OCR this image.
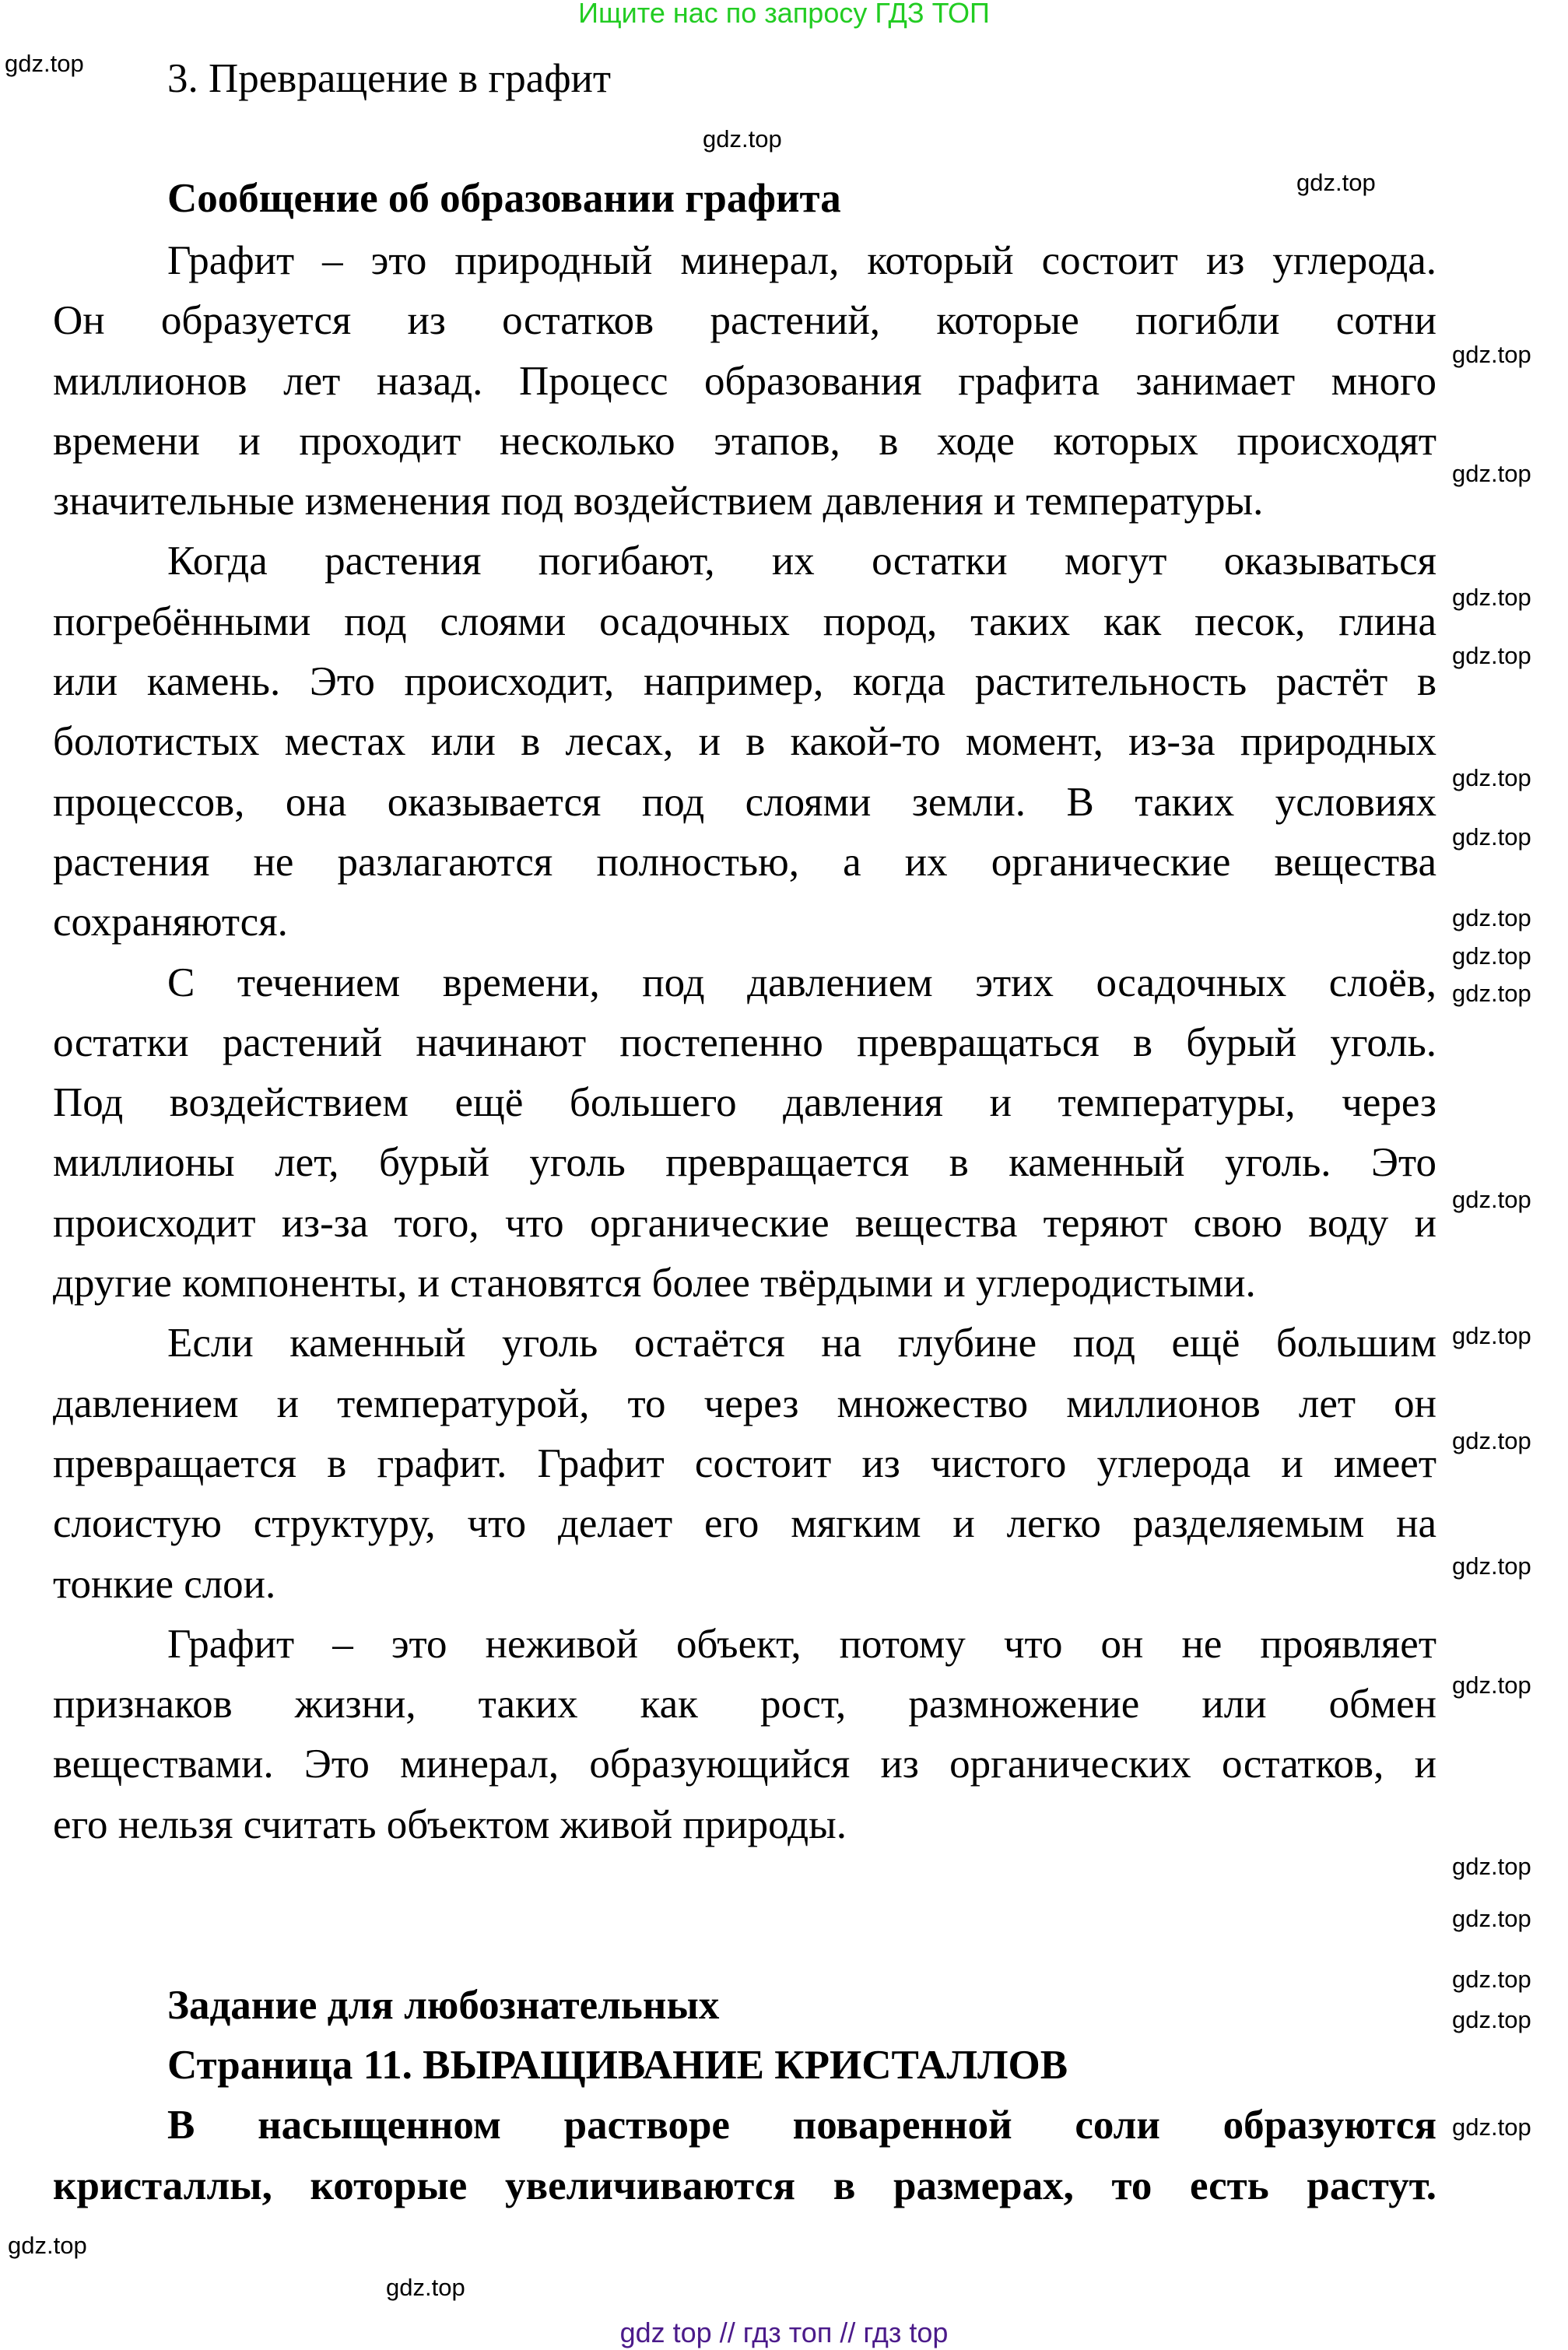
Ищите нас по запросу ГДЗ ТОП
3. Превращение в графит
Сообщение об образовании графита
Графит – это природный минерал, который состоит из углерода.
Он образуется из остатков растений, которые погибли сотни
миллионов лет назад. Процесс образования графита занимает много
времени и проходит несколько этапов, в ходе которых происходят
значительные изменения под воздействием давления и температуры.
Когда растения погибают, их остатки могут оказываться
погребёнными под слоями осадочных пород, таких как песок, глина
или камень. Это происходит, например, когда растительность растёт в
болотистых местах или в лесах, и в какой-то момент, из-за природных
процессов, она оказывается под слоями земли. В таких условиях
растения не разлагаются полностью, а их органические вещества
сохраняются.
С течением времени, под давлением этих осадочных слоёв,
остатки растений начинают постепенно превращаться в бурый уголь.
Под воздействием ещё большего давления и температуры, через
миллионы лет, бурый уголь превращается в каменный уголь. Это
происходит из-за того, что органические вещества теряют свою воду и
другие компоненты, и становятся более твёрдыми и углеродистыми.
Если каменный уголь остаётся на глубине под ещё большим
давлением и температурой, то через множество миллионов лет он
превращается в графит. Графит состоит из чистого углерода и имеет
слоистую структуру, что делает его мягким и легко разделяемым на
тонкие слои.
Графит – это неживой объект, потому что он не проявляет
признаков жизни, таких как рост, размножение или обмен
веществами. Это минерал, образующийся из органических остатков, и
его нельзя считать объектом живой природы.
Задание для любознательных
Страница 11. ВЫРАЩИВАНИЕ КРИСТАЛЛОВ
В насыщенном растворе поваренной соли образуются
кристаллы, которые увеличиваются в размерах, то есть растут.
gdz.top
gdz.top
gdz.top
gdz.top
gdz.top
gdz.top
gdz.top
gdz.top
gdz.top
gdz.top
gdz.top
gdz.top
gdz.top
gdz.top
gdz.top
gdz.top
gdz.top
gdz.top
gdz.top
gdz.top
gdz.top
gdz.top
gdz.top
gdz.top
gdz top // гдз топ // гдз top
